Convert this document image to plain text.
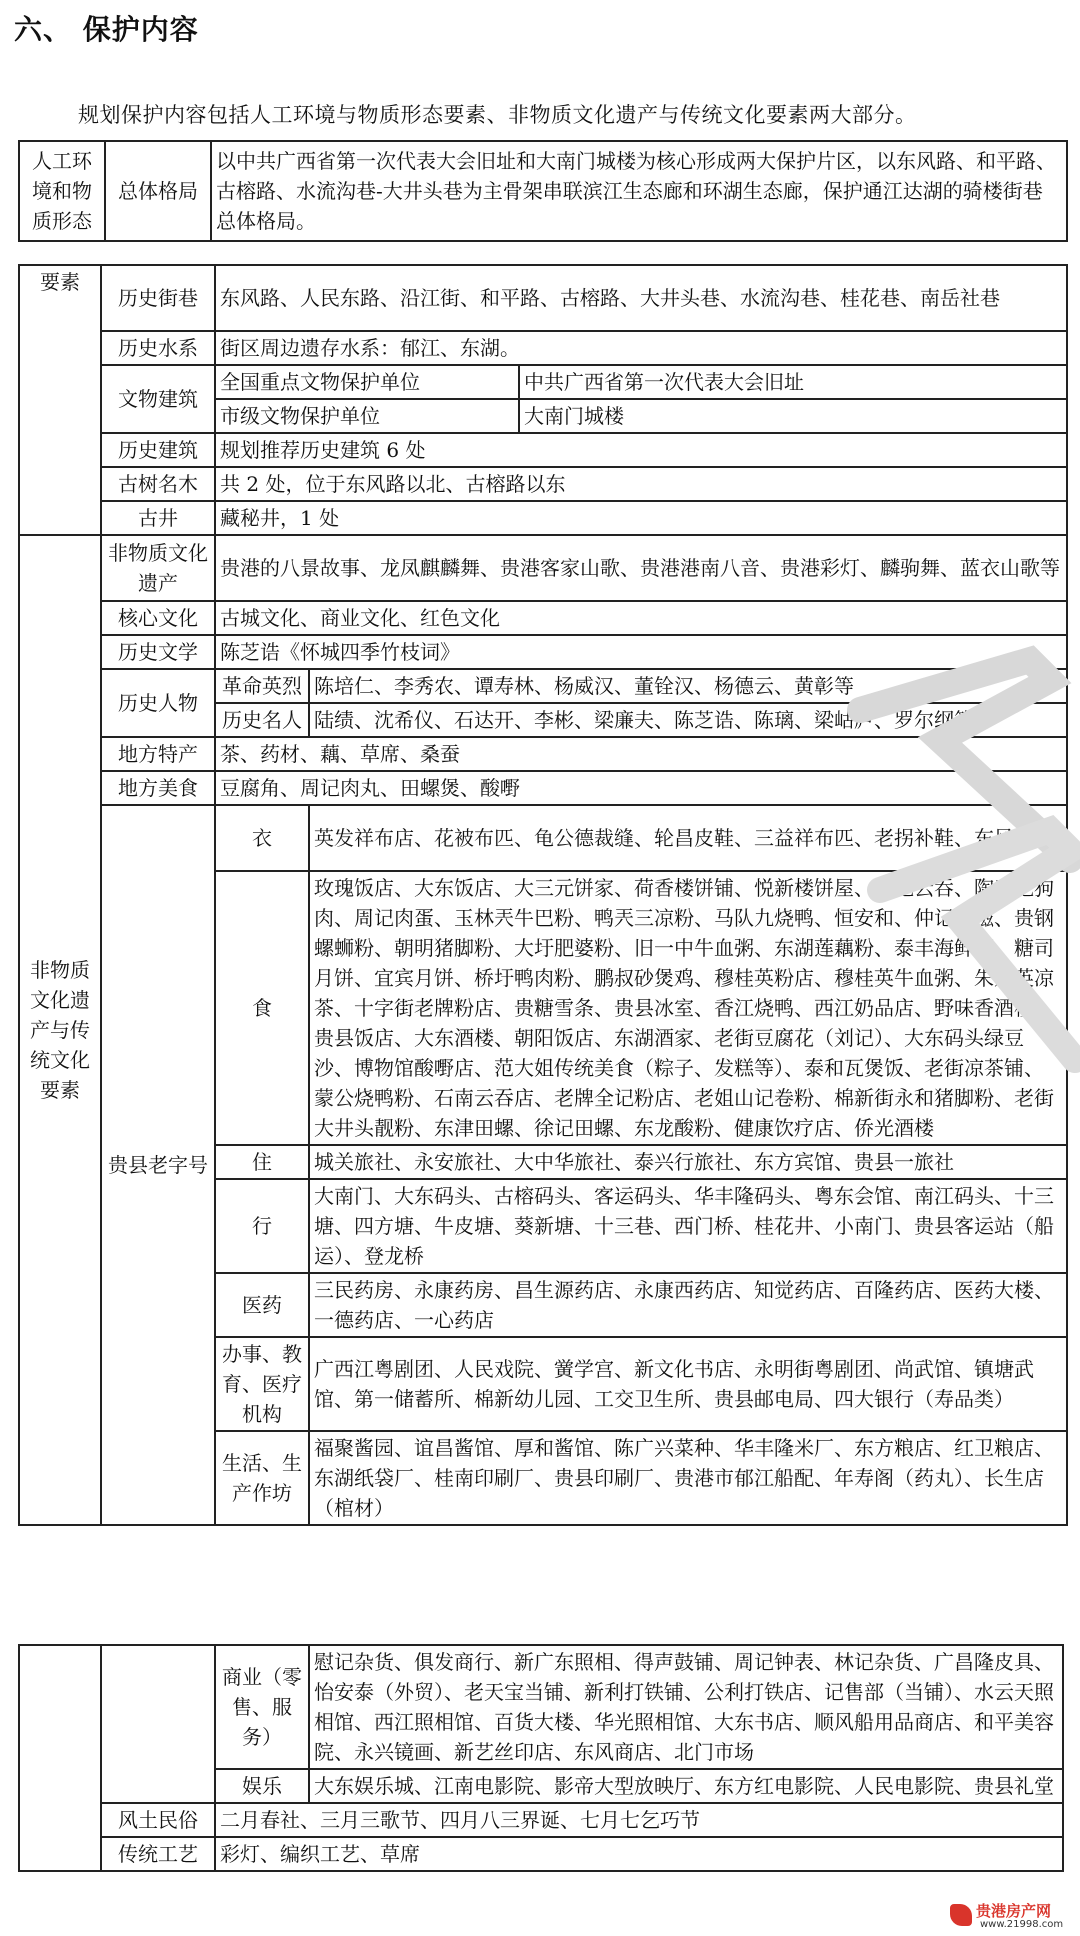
六、 保护内容
规划保护内容包括人工环境与物质形态要素、非物质文化遗产与传统文化要素两大部分。
人工环境和物质形态	总体格局	以中共广西省第一次代表大会旧址和大南门城楼为核心形成两大保护片区，以东风路、和平路、古榕路、水流沟巷-大井头巷为主骨架串联滨江生态廊和环湖生态廊，保护通江达湖的骑楼街巷总体格局。
要素	历史街巷	东风路、人民东路、沿江街、和平路、古榕路、大井头巷、水流沟巷、桂花巷、南岳社巷		
	历史水系	街区周边遗存水系：郁江、东湖。		
	文物建筑	全国重点文物保护单位		中共广西省第一次代表大会旧址
		市级文物保护单位		大南门城楼
	历史建筑	规划推荐历史建筑 6 处		
	古树名木	共 2 处，位于东风路以北、古榕路以东		
	古井	藏秘井，1 处		
非物质文化遗产与传统文化要素	非物质文化遗产	贵港的八景故事、龙凤麒麟舞、贵港客家山歌、贵港港南八音、贵港彩灯、麟驹舞、蓝衣山歌等		
	核心文化	古城文化、商业文化、红色文化		
	历史文学	陈芝诰《怀城四季竹枝词》		
	历史人物	革命英烈	陈培仁、李秀农、谭寿林、杨威汉、董铨汉、杨德云、黄彰等	
		历史名人	陆绩、沈希仪、石达开、李彬、梁廉夫、陈芝诰、陈璃、梁岵庐、罗尔纲等	
	地方特产	茶、药材、藕、草席、桑蚕		
	地方美食	豆腐角、周记肉丸、田螺煲、酸嘢		
	贵县老字号	衣	英发祥布店、花被布匹、龟公德裁缝、轮昌皮鞋、三益祥布匹、老拐补鞋、东风布店	
		食	玫瑰饭店、大东饭店、大三元饼家、荷香楼饼铺、悦新楼饼屋、岳记云吞、陶五记狗肉、周记肉蛋、玉林兲牛巴粉、鸭兲三凉粉、马队九烧鸭、恒安和、仲记油糍、贵钢螺蛳粉、朝明猪脚粉、大圩肥婆粉、旧一中牛血粥、东湖莲藕粉、泰丰海鲜粥、糖司月饼、宜宾月饼、桥圩鸭肉粉、鹏叔砂煲鸡、穆桂英粉店、穆桂英牛血粥、朱乃英凉茶、十字街老牌粉店、贵糖雪条、贵县冰室、香江烧鸭、西江奶品店、野味香酒楼、贵县饭店、大东酒楼、朝阳饭店、东湖酒家、老街豆腐花（刘记）、大东码头绿豆沙、博物馆酸嘢店、范大姐传统美食（粽子、发糕等）、泰和瓦煲饭、老街凉茶铺、蒙公烧鸭粉、石南云吞店、老牌全记粉店、老姐山记卷粉、棉新街永和猪脚粉、老街大井头靓粉、东津田螺、徐记田螺、东龙酸粉、健康饮疗店、侨光酒楼	
		住	城关旅社、永安旅社、大中华旅社、泰兴行旅社、东方宾馆、贵县一旅社	
		行	大南门、大东码头、古榕码头、客运码头、华丰隆码头、粤东会馆、南江码头、十三塘、四方塘、牛皮塘、葵新塘、十三巷、西门桥、桂花井、小南门、贵县客运站（船运）、登龙桥	
		医药	三民药房、永康药房、昌生源药店、永康西药店、知觉药店、百隆药店、医药大楼、一德药店、一心药店	
		办事、教育、医疗机构	广西江粤剧团、人民戏院、黉学宫、新文化书店、永明街粤剧团、尚武馆、镇塘武馆、第一储蓄所、棉新幼儿园、工交卫生所、贵县邮电局、四大银行（寿品类）	
		生活、生产作坊	福聚酱园、谊昌酱馆、厚和酱馆、陈广兴菜种、华丰隆米厂、东方粮店、红卫粮店、东湖纸袋厂、桂南印刷厂、贵县印刷厂、贵港市郁江船配、年寿阁（药丸）、长生店（棺材）	
		商业（零售、服务）	慰记杂货、俱发商行、新广东照相、得声鼓铺、周记钟表、林记杂货、广昌隆皮具、怡安泰（外贸）、老天宝当铺、新利打铁铺、公利打铁店、记售部（当铺）、水云天照相馆、西江照相馆、百货大楼、华光照相馆、大东书店、顺风船用品商店、和平美容院、永兴镜画、新艺丝印店、东风商店、北门市场
		娱乐	大东娱乐城、江南电影院、影帝大型放映厅、东方红电影院、人民电影院、贵县礼堂
	风土民俗	二月春社、三月三歌节、四月八三界诞、七月七乞巧节	
	传统工艺	彩灯、编织工艺、草席	
贵港房产网
www.21998.com
